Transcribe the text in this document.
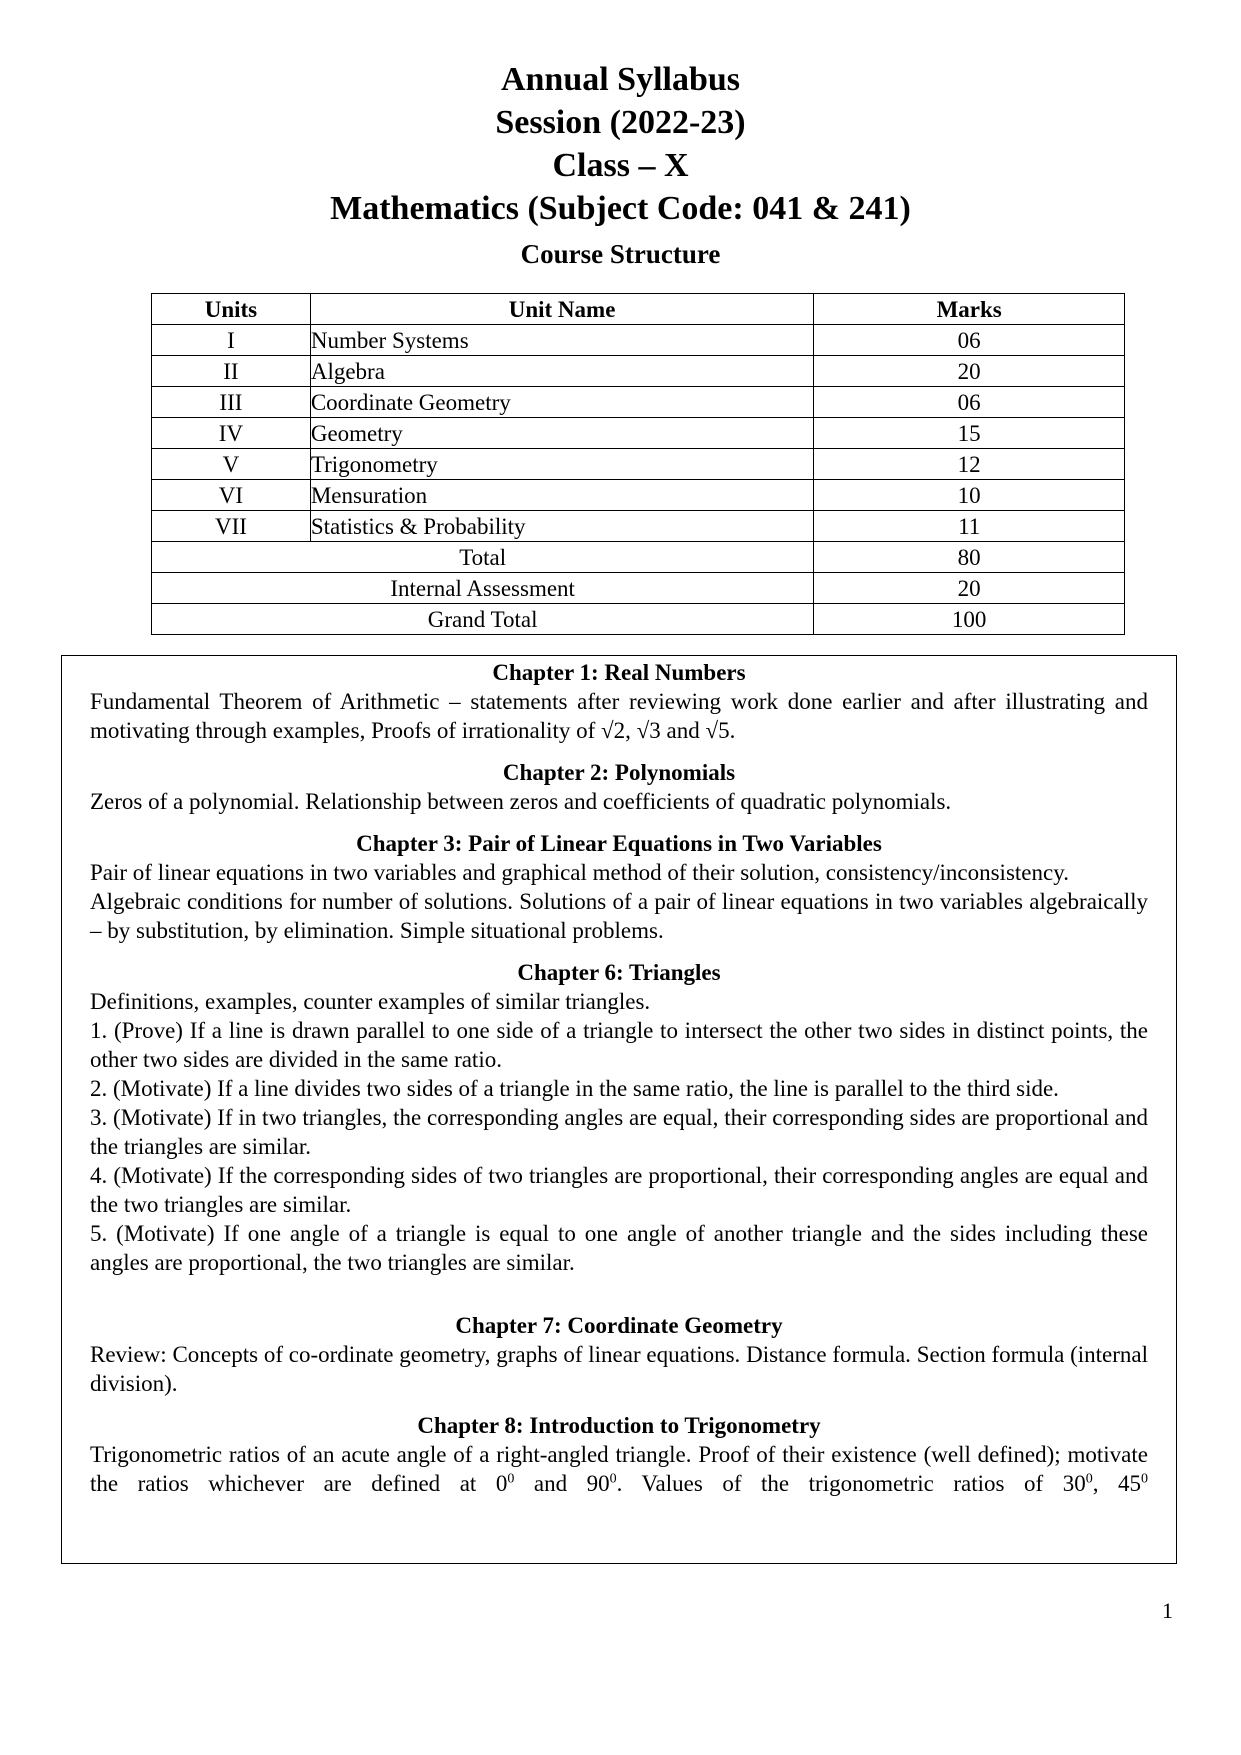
Annual Syllabus
Session (2022-23)
Class – X
Mathematics (Subject Code: 041 & 241)
Course Structure
Units	Unit Name	Marks
I	Number Systems	06
II	Algebra	20
III	Coordinate Geometry	06
IV	Geometry	15
V	Trigonometry	12
VI	Mensuration	10
VII	Statistics & Probability	11
Total		80
Internal Assessment		20
Grand Total		100
Chapter 1: Real Numbers
Fundamental Theorem of Arithmetic – statements after reviewing work done earlier and after illustrating and motivating through examples, Proofs of irrationality of √2, √3 and √5.
Chapter 2: Polynomials
Zeros of a polynomial. Relationship between zeros and coefficients of quadratic polynomials.
Chapter 3: Pair of Linear Equations in Two Variables
Pair of linear equations in two variables and graphical method of their solution, consistency/inconsistency.
Algebraic conditions for number of solutions. Solutions of a pair of linear equations in two variables algebraically – by substitution, by elimination. Simple situational problems.
Chapter 6: Triangles
Definitions, examples, counter examples of similar triangles.
1. (Prove) If a line is drawn parallel to one side of a triangle to intersect the other two sides in distinct points, the other two sides are divided in the same ratio.
2. (Motivate) If a line divides two sides of a triangle in the same ratio, the line is parallel to the third side.
3. (Motivate) If in two triangles, the corresponding angles are equal, their corresponding sides are proportional and the triangles are similar.
4. (Motivate) If the corresponding sides of two triangles are proportional, their corresponding angles are equal and the two triangles are similar.
5. (Motivate) If one angle of a triangle is equal to one angle of another triangle and the sides including these angles are proportional, the two triangles are similar.
Chapter 7: Coordinate Geometry
Review: Concepts of co-ordinate geometry, graphs of linear equations. Distance formula. Section formula (internal division).
Chapter 8: Introduction to Trigonometry
Trigonometric ratios of an acute angle of a right-angled triangle. Proof of their existence (well defined); motivate the ratios whichever are defined at $0^0$ and $90^0$. Values of the trigonometric ratios of $30^0$, $45^0$
1
